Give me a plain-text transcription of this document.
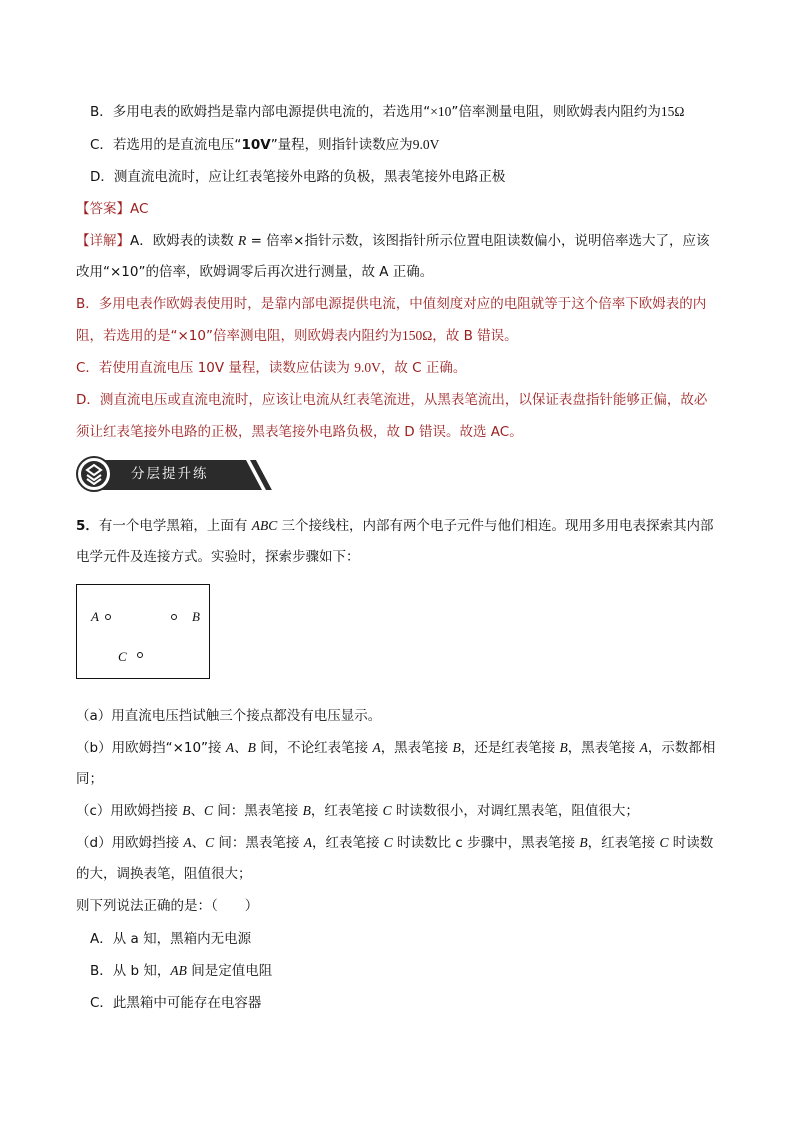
B．多用电表的欧姆挡是靠内部电源提供电流的，若选用“×10”倍率测量电阻，则欧姆表内阻约为15Ω
C．若选用的是直流电压“10V”量程，则指针读数应为9.0V
D．测直流电流时，应让红表笔接外电路的负极，黑表笔接外电路正极
【答案】AC
【详解】A．欧姆表的读数 R = 倍率×指针示数，该图指针所示位置电阻读数偏小，说明倍率选大了，应该
改用“×10”的倍率，欧姆调零后再次进行测量，故 A 正确。
B．多用电表作欧姆表使用时，是靠内部电源提供电流，中值刻度对应的电阻就等于这个倍率下欧姆表的内
阻，若选用的是“×10”倍率测电阻，则欧姆表内阻约为150Ω，故 B 错误。
C．若使用直流电压 10V 量程，读数应估读为 9.0V，故 C 正确。
D．测直流电压或直流电流时，应该让电流从红表笔流进，从黑表笔流出，以保证表盘指针能够正偏，故必
须让红表笔接外电路的正极，黑表笔接外电路负极，故 D 错误。故选 AC。
分层提升练
5．有一个电学黑箱，上面有 ABC 三个接线柱，内部有两个电子元件与他们相连。现用多用电表探索其内部
电学元件及连接方式。实验时，探索步骤如下：
A	B
C
（a）用直流电压挡试触三个接点都没有电压显示。
（b）用欧姆挡“×10”接 A、B 间，不论红表笔接 A，黑表笔接 B，还是红表笔接 B，黑表笔接 A，示数都相
同；
（c）用欧姆挡接 B、C 间：黑表笔接 B，红表笔接 C 时读数很小，对调红黑表笔，阻值很大；
（d）用欧姆挡接 A、C 间：黑表笔接 A，红表笔接 C 时读数比 c 步骤中，黑表笔接 B，红表笔接 C 时读数
的大，调换表笔，阻值很大；
则下列说法正确的是：（　　）
A．从 a 知，黑箱内无电源
B．从 b 知，AB 间是定值电阻
C．此黑箱中可能存在电容器
